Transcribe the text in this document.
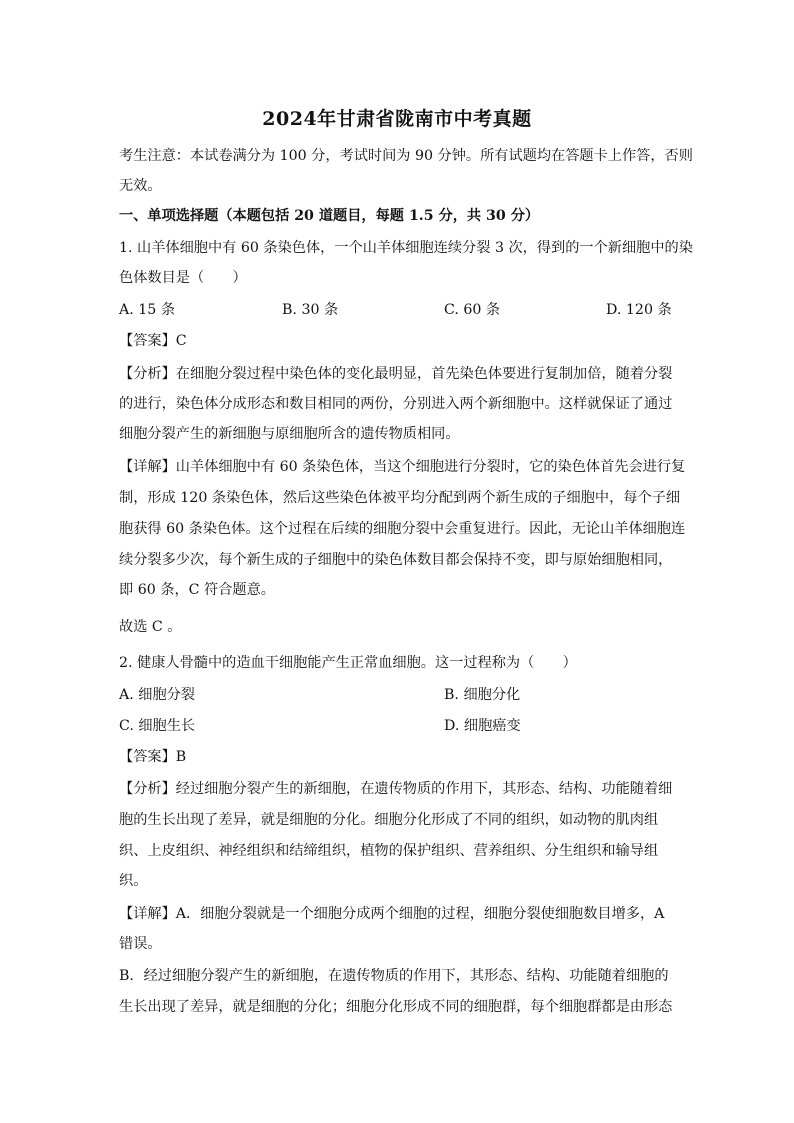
2024年甘肃省陇南市中考真题
考生注意：本试卷满分为 100 分，考试时间为 90 分钟。所有试题均在答题卡上作答，否则
无效。
一、单项选择题（本题包括 20 道题目，每题 1.5 分，共 30 分）
1. 山羊体细胞中有 60 条染色体，一个山羊体细胞连续分裂 3 次，得到的一个新细胞中的染
色体数目是（　　）
A. 15 条	B. 30 条	C. 60 条	D. 120 条
【答案】C
【分析】在细胞分裂过程中染色体的变化最明显，首先染色体要进行复制加倍，随着分裂
的进行，染色体分成形态和数目相同的两份，分别进入两个新细胞中。这样就保证了通过
细胞分裂产生的新细胞与原细胞所含的遗传物质相同。
【详解】山羊体细胞中有 60 条染色体，当这个细胞进行分裂时，它的染色体首先会进行复
制，形成 120 条染色体，然后这些染色体被平均分配到两个新生成的子细胞中，每个子细
胞获得 60 条染色体。这个过程在后续的细胞分裂中会重复进行。因此，无论山羊体细胞连
续分裂多少次，每个新生成的子细胞中的染色体数目都会保持不变，即与原始细胞相同，
即 60 条，C 符合题意。
故选 C 。
2. 健康人骨髓中的造血干细胞能产生正常血细胞。这一过程称为（　　）
A. 细胞分裂	B. 细胞分化
C. 细胞生长	D. 细胞癌变
【答案】B
【分析】经过细胞分裂产生的新细胞，在遗传物质的作用下，其形态、结构、功能随着细
胞的生长出现了差异，就是细胞的分化。细胞分化形成了不同的组织，如动物的肌肉组
织、上皮组织、神经组织和结缔组织，植物的保护组织、营养组织、分生组织和输导组
织。
【详解】A．细胞分裂就是一个细胞分成两个细胞的过程，细胞分裂使细胞数目增多，A
错误。
B．经过细胞分裂产生的新细胞，在遗传物质的作用下，其形态、结构、功能随着细胞的
生长出现了差异，就是细胞的分化；细胞分化形成不同的细胞群，每个细胞群都是由形态
